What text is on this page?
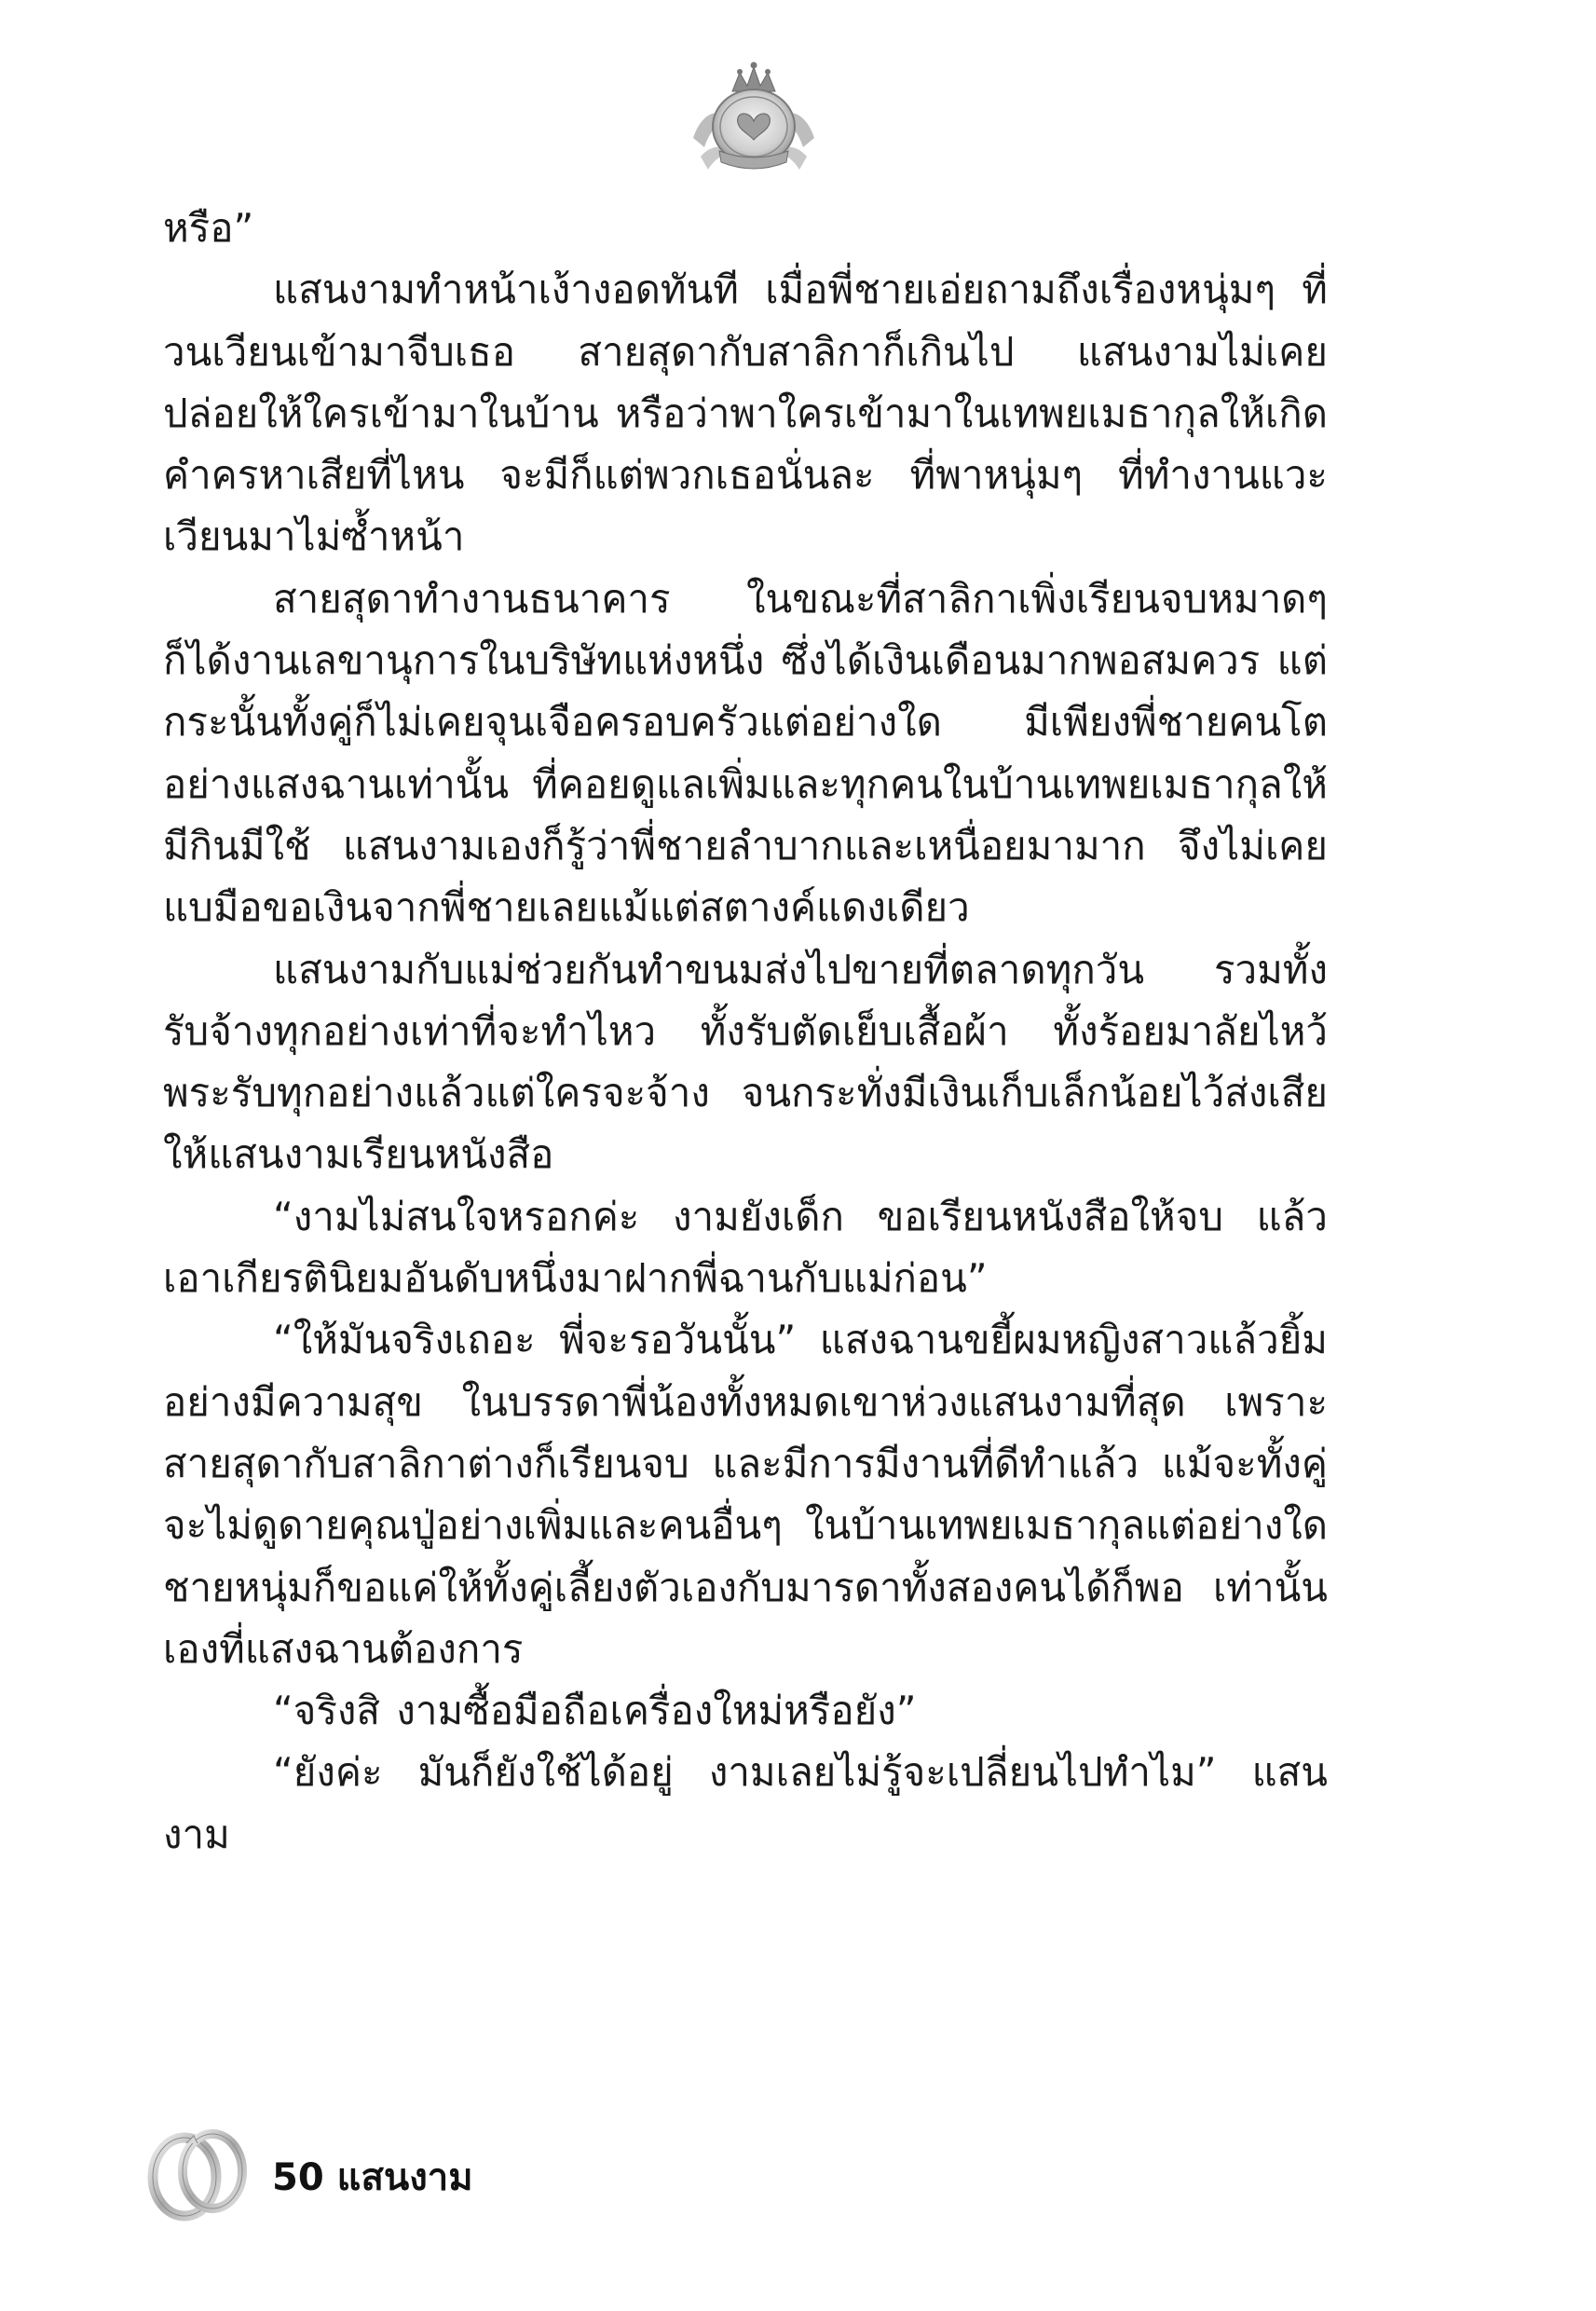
หรือ”

แสนงามทำหน้าเง้างอดทันที เมื่อพี่ชายเอ่ยถามถึงเรื่องหนุ่มๆ ที่วนเวียนเข้ามาจีบเธอ สายสุดากับสาลิกาก็เกินไป แสนงามไม่เคยปล่อยให้ใครเข้ามาในบ้าน หรือว่าพาใครเข้ามาในเทพยเมธากุลให้เกิดคำครหาเสียที่ไหน จะมีก็แต่พวกเธอนั่นละ ที่พาหนุ่มๆ ที่ทำงานแวะเวียนมาไม่ซ้ำหน้า

สายสุดาทำงานธนาคาร ในขณะที่สาลิกาเพิ่งเรียนจบหมาดๆ ก็ได้งานเลขานุการในบริษัทแห่งหนึ่ง ซึ่งได้เงินเดือนมากพอสมควร แต่กระนั้นทั้งคู่ก็ไม่เคยจุนเจือครอบครัวแต่อย่างใด มีเพียงพี่ชายคนโตอย่างแสงฉานเท่านั้น ที่คอยดูแลเพิ่มและทุกคนในบ้านเทพยเมธากุลให้มีกินมีใช้ แสนงามเองก็รู้ว่าพี่ชายลำบากและเหนื่อยมามาก จึงไม่เคยแบมือขอเงินจากพี่ชายเลยแม้แต่สตางค์แดงเดียว

แสนงามกับแม่ช่วยกันทำขนมส่งไปขายที่ตลาดทุกวัน รวมทั้งรับจ้างทุกอย่างเท่าที่จะทำไหว ทั้งรับตัดเย็บเสื้อผ้า ทั้งร้อยมาลัยไหว้พระรับทุกอย่างแล้วแต่ใครจะจ้าง จนกระทั่งมีเงินเก็บเล็กน้อยไว้ส่งเสียให้แสนงามเรียนหนังสือ

“งามไม่สนใจหรอกค่ะ งามยังเด็ก ขอเรียนหนังสือให้จบ แล้วเอาเกียรตินิยมอันดับหนึ่งมาฝากพี่ฉานกับแม่ก่อน”

“ให้มันจริงเถอะ พี่จะรอวันนั้น” แสงฉานขยี้ผมหญิงสาวแล้วยิ้มอย่างมีความสุข ในบรรดาพี่น้องทั้งหมดเขาห่วงแสนงามที่สุด เพราะสายสุดากับสาลิกาต่างก็เรียนจบ และมีการมีงานที่ดีทำแล้ว แม้จะทั้งคู่จะไม่ดูดายคุณปู่อย่างเพิ่มและคนอื่นๆ ในบ้านเทพยเมธากุลแต่อย่างใด ชายหนุ่มก็ขอแค่ให้ทั้งคู่เลี้ยงตัวเองกับมารดาทั้งสองคนได้ก็พอ เท่านั้นเองที่แสงฉานต้องการ

“จริงสิ งามซื้อมือถือเครื่องใหม่หรือยัง”

“ยังค่ะ มันก็ยังใช้ได้อยู่ งามเลยไม่รู้จะเปลี่ยนไปทำไม” แสนงาม

50 แสนงาม
